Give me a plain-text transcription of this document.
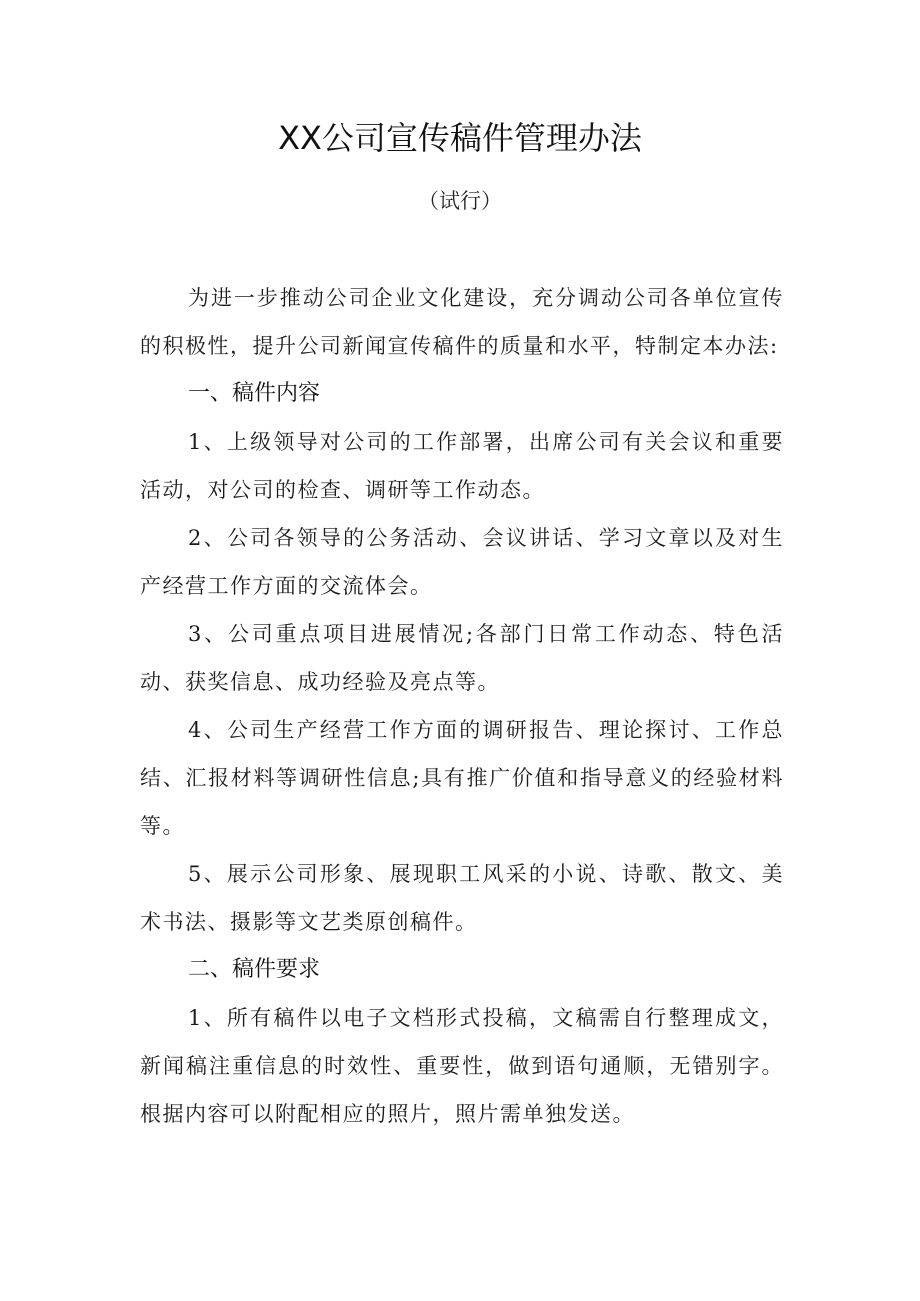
XX公司宣传稿件管理办法
（试行）

为进一步推动公司企业文化建设，充分调动公司各单位宣传的积极性，提升公司新闻宣传稿件的质量和水平，特制定本办法:

一、稿件内容

1、上级领导对公司的工作部署，出席公司有关会议和重要活动，对公司的检查、调研等工作动态。

2、公司各领导的公务活动、会议讲话、学习文章以及对生产经营工作方面的交流体会。

3、公司重点项目进展情况;各部门日常工作动态、特色活动、获奖信息、成功经验及亮点等。

4、公司生产经营工作方面的调研报告、理论探讨、工作总结、汇报材料等调研性信息;具有推广价值和指导意义的经验材料等。

5、展示公司形象、展现职工风采的小说、诗歌、散文、美术书法、摄影等文艺类原创稿件。

二、稿件要求

1、所有稿件以电子文档形式投稿，文稿需自行整理成文，新闻稿注重信息的时效性、重要性，做到语句通顺，无错别字。根据内容可以附配相应的照片，照片需单独发送。
